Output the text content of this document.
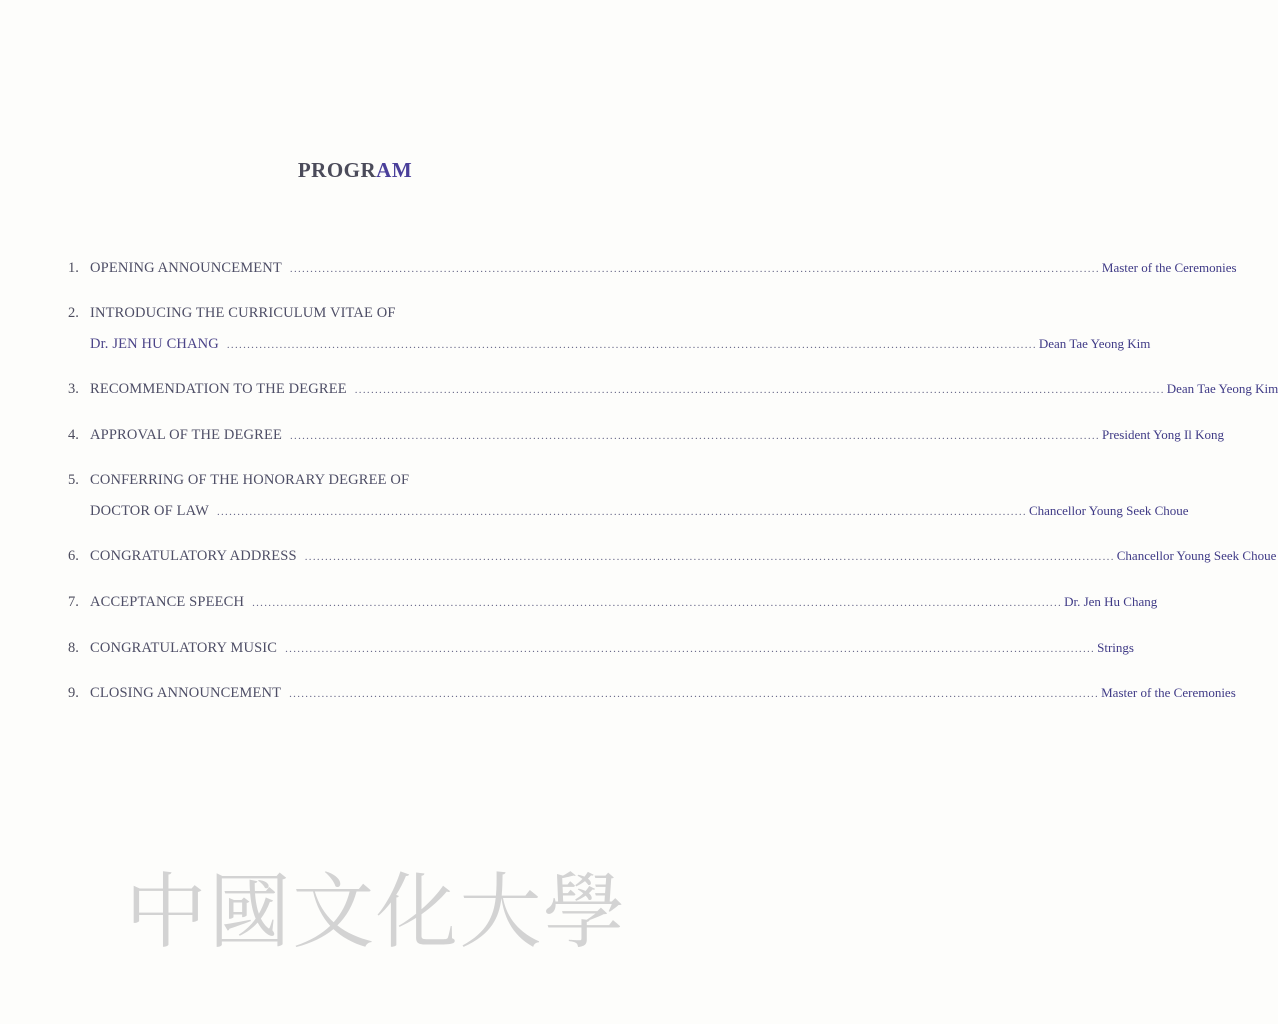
PROGRAM
1. OPENING ANNOUNCEMENT ........................................................................................................................................................................................................ Master of the Ceremonies
2. INTRODUCING THE CURRICULUM VITAE OF
Dr. JEN HU CHANG ........................................................................................................................................................................................................ Dean Tae Yeong Kim
3. RECOMMENDATION TO THE DEGREE ........................................................................................................................................................................................................ Dean Tae Yeong Kim
4. APPROVAL OF THE DEGREE ........................................................................................................................................................................................................ President Yong Il Kong
5. CONFERRING OF THE HONORARY DEGREE OF
DOCTOR OF LAW ........................................................................................................................................................................................................ Chancellor Young Seek Choue
6. CONGRATULATORY ADDRESS ........................................................................................................................................................................................................ Chancellor Young Seek Choue
7. ACCEPTANCE SPEECH ........................................................................................................................................................................................................ Dr. Jen Hu Chang
8. CONGRATULATORY MUSIC ........................................................................................................................................................................................................ Strings
9. CLOSING ANNOUNCEMENT ........................................................................................................................................................................................................ Master of the Ceremonies
中 國 文 化 大 學
